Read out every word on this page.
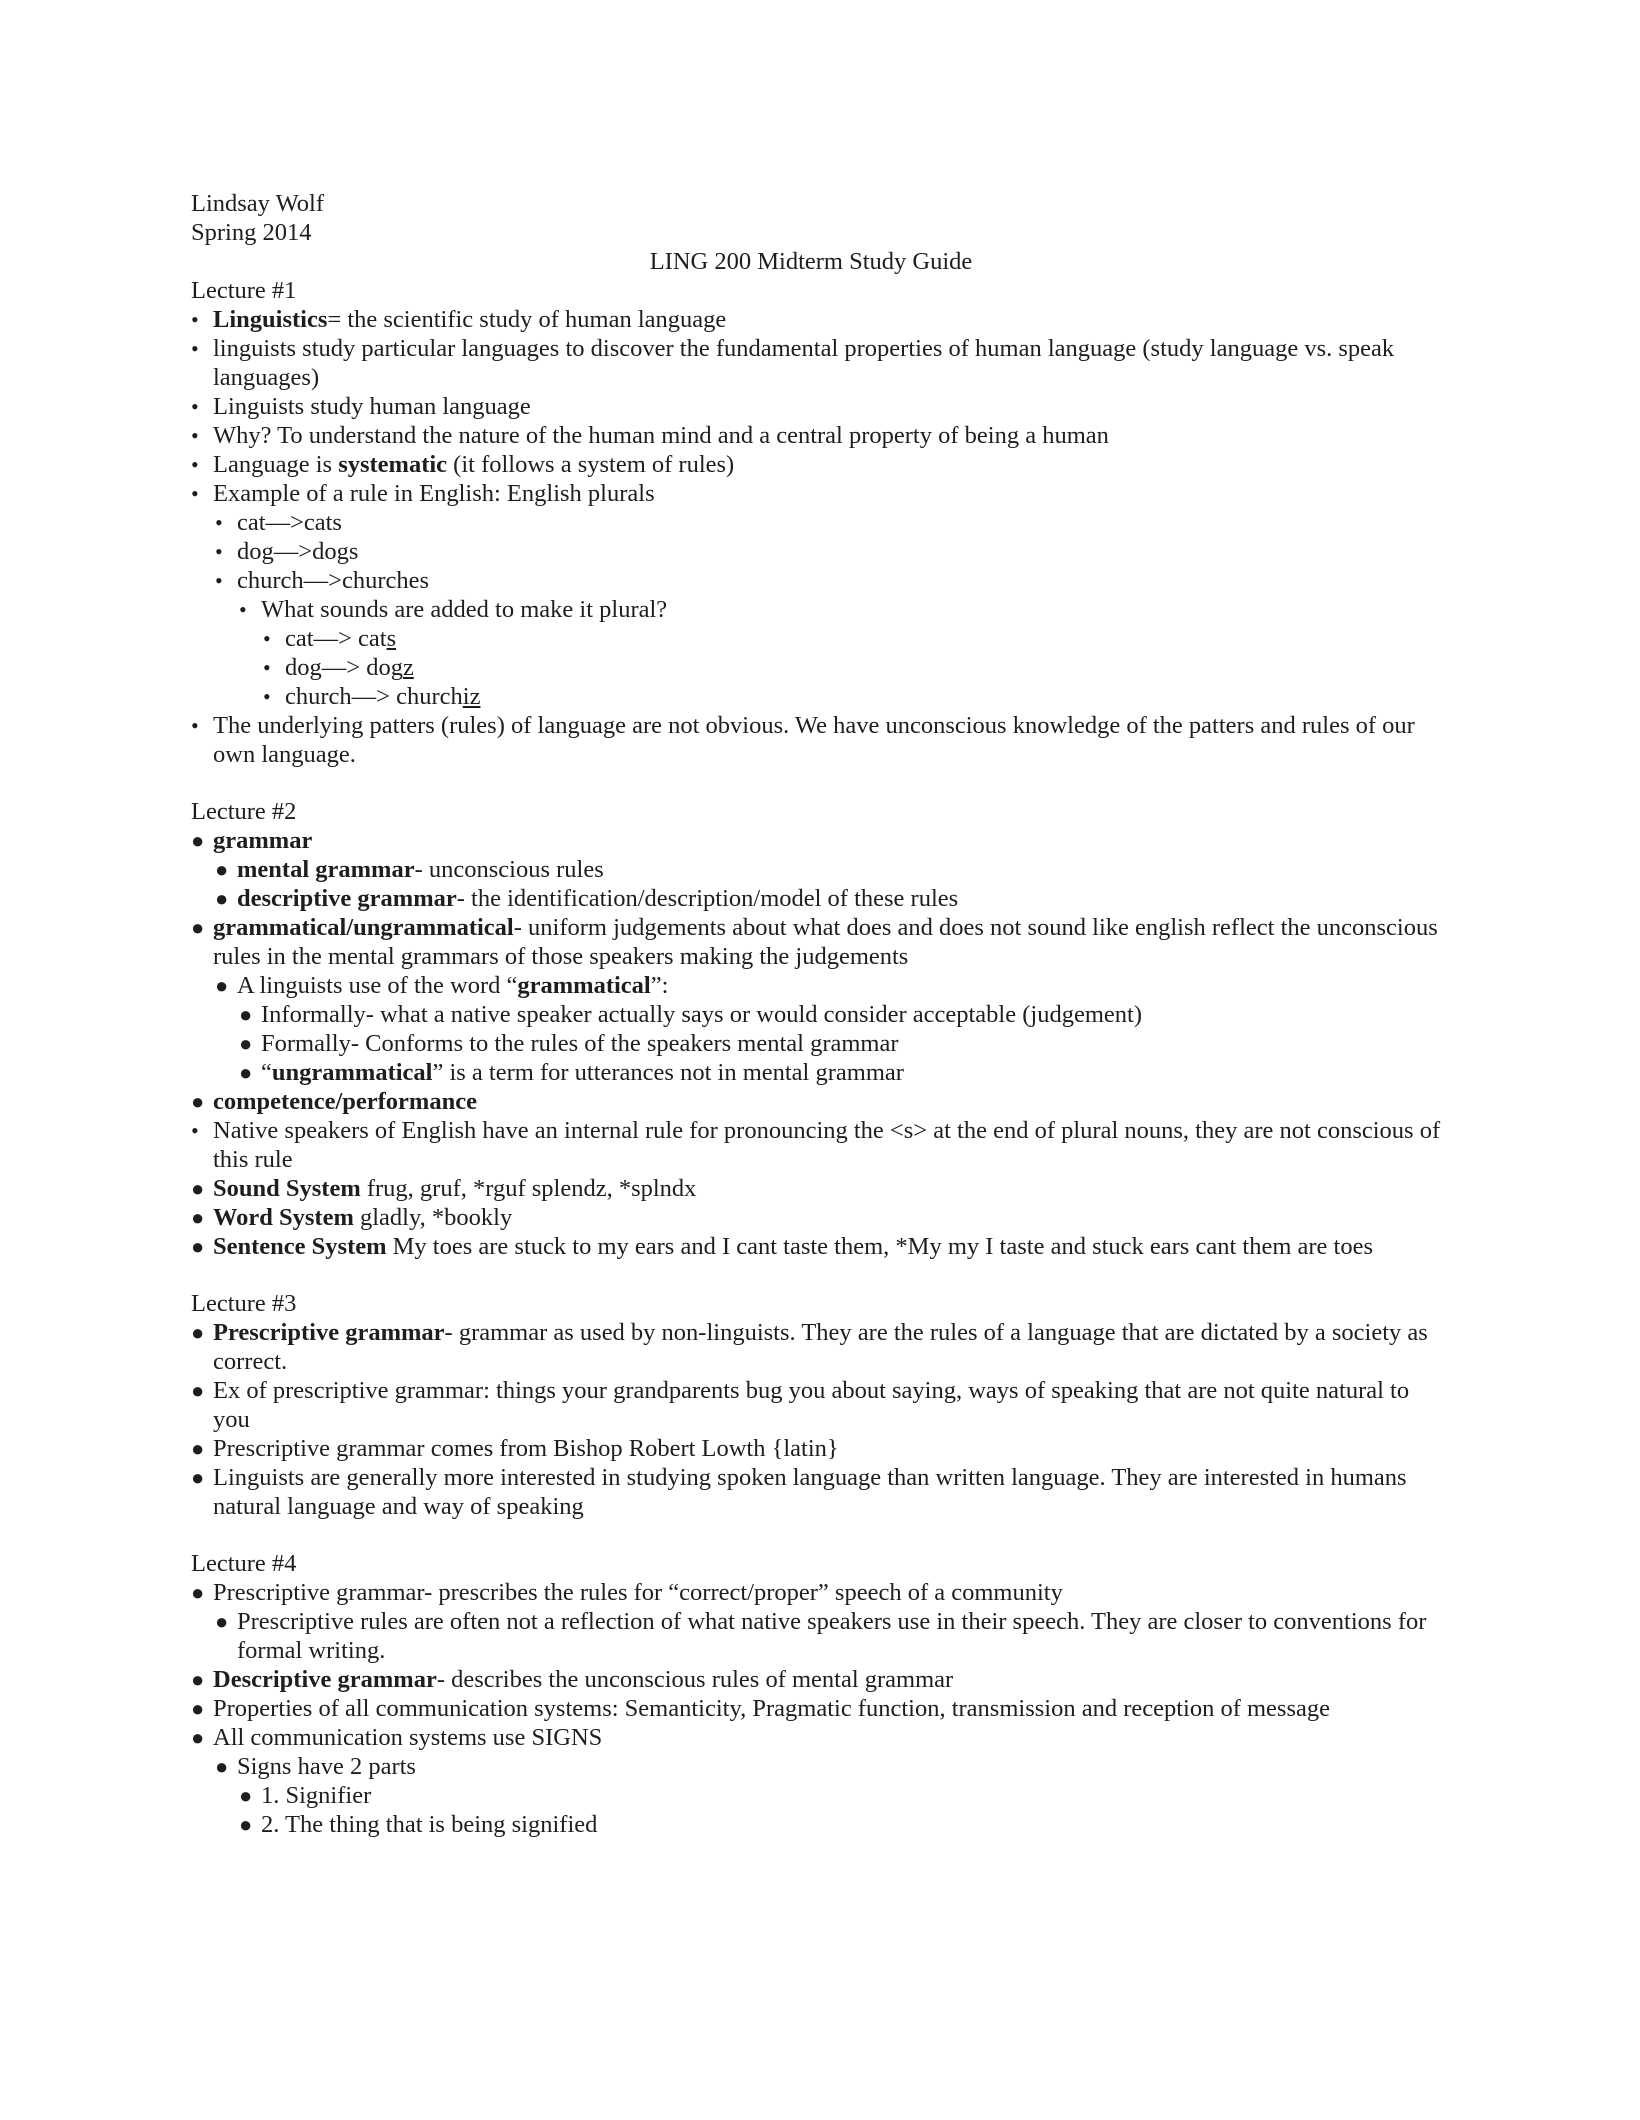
Lindsay Wolf
Spring 2014
LING 200 Midterm Study Guide
Lecture #1
• Linguistics= the scientific study of human language
• linguists study particular languages to discover the fundamental properties of human language (study language vs. speak languages)
• Linguists study human language
• Why? To understand the nature of the human mind and a central property of being a human
• Language is systematic (it follows a system of rules)
• Example of a rule in English: English plurals
• cat—>cats
• dog—>dogs
• church—>churches
• What sounds are added to make it plural?
• cat—> cats
• dog—> dogz
• church—> churchiz
• The underlying patters (rules) of language are not obvious. We have unconscious knowledge of the patters and rules of our own language.
Lecture #2
● grammar
● mental grammar- unconscious rules
● descriptive grammar- the identification/description/model of these rules
● grammatical/ungrammatical- uniform judgements about what does and does not sound like english reflect the unconscious rules in the mental grammars of those speakers making the judgements
● A linguists use of the word “grammatical”:
● Informally- what a native speaker actually says or would consider acceptable (judgement)
● Formally- Conforms to the rules of the speakers mental grammar
● “ungrammatical” is a term for utterances not in mental grammar
● competence/performance
• Native speakers of English have an internal rule for pronouncing the <s> at the end of plural nouns, they are not conscious of this rule
● Sound System frug, gruf, *rguf splendz, *splndx
● Word System gladly, *bookly
● Sentence System My toes are stuck to my ears and I cant taste them, *My my I taste and stuck ears cant them are toes
Lecture #3
● Prescriptive grammar- grammar as used by non-linguists. They are the rules of a language that are dictated by a society as correct.
● Ex of prescriptive grammar: things your grandparents bug you about saying, ways of speaking that are not quite natural to you
● Prescriptive grammar comes from Bishop Robert Lowth {latin}
● Linguists are generally more interested in studying spoken language than written language. They are interested in humans natural language and way of speaking
Lecture #4
● Prescriptive grammar- prescribes the rules for “correct/proper” speech of a community
● Prescriptive rules are often not a reflection of what native speakers use in their speech. They are closer to conventions for formal writing.
● Descriptive grammar- describes the unconscious rules of mental grammar
● Properties of all communication systems: Semanticity, Pragmatic function, transmission and reception of message
● All communication systems use SIGNS
● Signs have 2 parts
● 1. Signifier
● 2. The thing that is being signified
